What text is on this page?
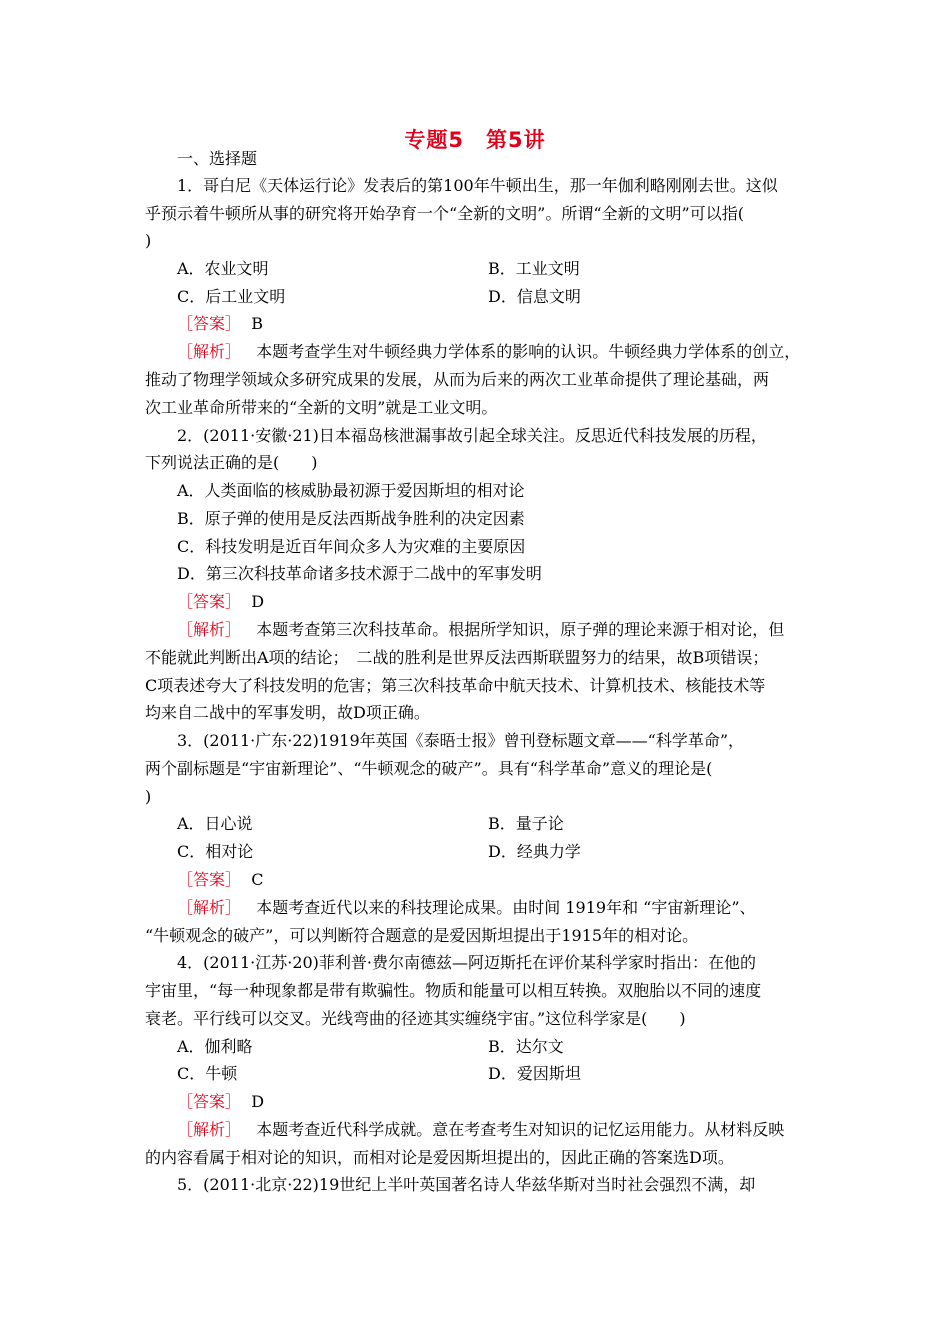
专题5　第5讲
一、选择题
1．哥白尼《天体运行论》发表后的第100年牛顿出生，那一年伽利略刚刚去世。这似
乎预示着牛顿所从事的研究将开始孕育一个“全新的文明”。所谓“全新的文明”可以指(
)
A．农业文明	B．工业文明
C．后工业文明	D．信息文明
［答案］ B
［解析］ 本题考查学生对牛顿经典力学体系的影响的认识。牛顿经典力学体系的创立，
推动了物理学领域众多研究成果的发展，从而为后来的两次工业革命提供了理论基础，两
次工业革命所带来的“全新的文明”就是工业文明。
2．(2011·安徽·21)日本福岛核泄漏事故引起全球关注。反思近代科技发展的历程，
下列说法正确的是(　　)
A．人类面临的核威胁最初源于爱因斯坦的相对论
B．原子弹的使用是反法西斯战争胜利的决定因素
C．科技发明是近百年间众多人为灾难的主要原因
D．第三次科技革命诸多技术源于二战中的军事发明
［答案］ D
［解析］ 本题考查第三次科技革命。根据所学知识，原子弹的理论来源于相对论，但
不能就此判断出A项的结论；　二战的胜利是世界反法西斯联盟努力的结果，故B项错误；
C项表述夸大了科技发明的危害；第三次科技革命中航天技术、计算机技术、核能技术等
均来自二战中的军事发明，故D项正确。
3．(2011·广东·22)1919年英国《泰晤士报》曾刊登标题文章——“科学革命”，
两个副标题是“宇宙新理论”、“牛顿观念的破产”。具有“科学革命”意义的理论是(
)
A．日心说	B．量子论
C．相对论	D．经典力学
［答案］ C
［解析］ 本题考查近代以来的科技理论成果。由时间 1919年和 “宇宙新理论”、
“牛顿观念的破产”，可以判断符合题意的是爱因斯坦提出于1915年的相对论。
4．(2011·江苏·20)菲利普·费尔南德兹—阿迈斯托在评价某科学家时指出：在他的
宇宙里，“每一种现象都是带有欺骗性。物质和能量可以相互转换。双胞胎以不同的速度
衰老。平行线可以交叉。光线弯曲的径迹其实缠绕宇宙。”这位科学家是(　　)
A．伽利略	B．达尔文
C．牛顿	D．爱因斯坦
［答案］ D
［解析］ 本题考查近代科学成就。意在考查考生对知识的记忆运用能力。从材料反映
的内容看属于相对论的知识，而相对论是爱因斯坦提出的，因此正确的答案选D项。
5．(2011·北京·22)19世纪上半叶英国著名诗人华兹华斯对当时社会强烈不满，却
